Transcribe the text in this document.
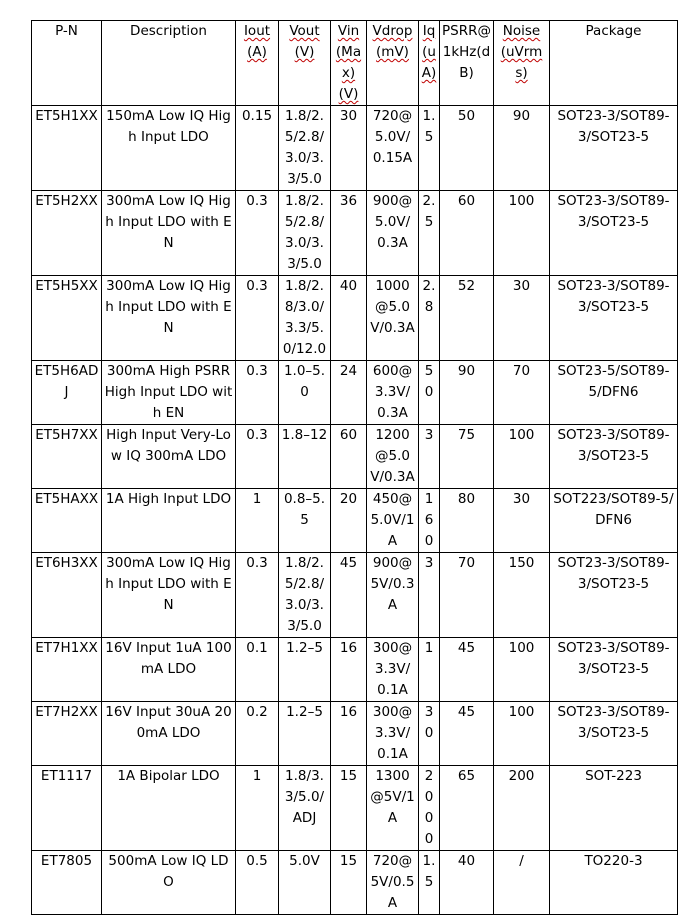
P-N	Description	Iout(A)	Vout(V)	Vin(Max)(V)	Vdrop(mV)	Iq(uA)	PSRR@1kHz(dB)	Noise(uVrms)	Package
ET5H1XX	150mA Low IQ High Input LDO	0.15	1.8/2.5/2.8/3.0/3.3/5.0	30	720@5.0V/0.15A	1.5	50	90	SOT23-3/SOT89-3/SOT23-5
ET5H2XX	300mA Low IQ High Input LDO with EN	0.3	1.8/2.5/2.8/3.0/3.3/5.0	36	900@5.0V/0.3A	2.5	60	100	SOT23-3/SOT89-3/SOT23-5
ET5H5XX	300mA Low IQ High Input LDO with EN	0.3	1.8/2.8/3.0/3.3/5.0/12.0	40	1000@5.0V/0.3A	2.8	52	30	SOT23-3/SOT89-3/SOT23-5
ET5H6ADJ	300mA High PSRR High Input LDO with EN	0.3	1.0–5.0	24	600@3.3V/0.3A	50	90	70	SOT23-5/SOT89-5/DFN6
ET5H7XX	High Input Very-Low IQ 300mA LDO	0.3	1.8–12	60	1200@5.0V/0.3A	3	75	100	SOT23-3/SOT89-3/SOT23-5
ET5HAXX	1A High Input LDO	1	0.8–5.5	20	450@5.0V/1A	160	80	30	SOT223/SOT89-5/DFN6
ET6H3XX	300mA Low IQ High Input LDO with EN	0.3	1.8/2.5/2.8/3.0/3.3/5.0	45	900@5V/0.3A	3	70	150	SOT23-3/SOT89-3/SOT23-5
ET7H1XX	16V Input 1uA 100mA LDO	0.1	1.2–5	16	300@3.3V/0.1A	1	45	100	SOT23-3/SOT89-3/SOT23-5
ET7H2XX	16V Input 30uA 200mA LDO	0.2	1.2–5	16	300@3.3V/0.1A	30	45	100	SOT23-3/SOT89-3/SOT23-5
ET1117	1A Bipolar LDO	1	1.8/3.3/5.0/ADJ	15	1300@5V/1A	2000	65	200	SOT-223
ET7805	500mA Low IQ LDO	0.5	5.0V	15	720@5V/0.5A	1.5	40	/	TO220-3
